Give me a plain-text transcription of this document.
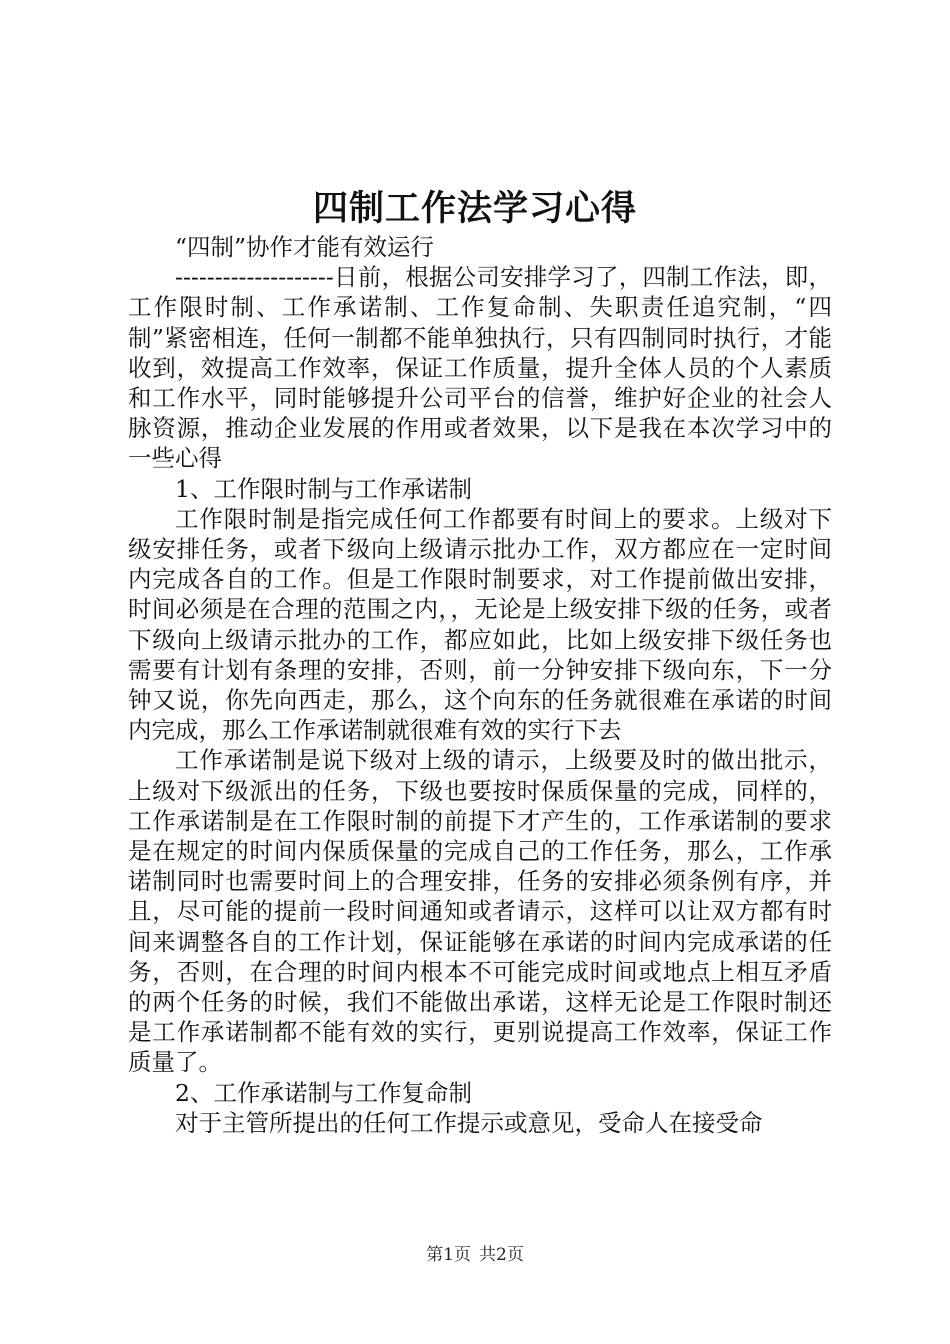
四制工作法学习心得

“四制”协作才能有效运行

--------------------日前，根据公司安排学习了，四制工作法，即，工作限时制、工作承诺制、工作复命制、失职责任追究制，“四制”紧密相连，任何一制都不能单独执行，只有四制同时执行，才能收到，效提高工作效率，保证工作质量，提升全体人员的个人素质和工作水平，同时能够提升公司平台的信誉，维护好企业的社会人脉资源，推动企业发展的作用或者效果，以下是我在本次学习中的一些心得

1、工作限时制与工作承诺制

工作限时制是指完成任何工作都要有时间上的要求。上级对下级安排任务，或者下级向上级请示批办工作，双方都应在一定时间内完成各自的工作。但是工作限时制要求，对工作提前做出安排，时间必须是在合理的范围之内，，无论是上级安排下级的任务，或者下级向上级请示批办的工作，都应如此，比如上级安排下级任务也需要有计划有条理的安排，否则，前一分钟安排下级向东，下一分钟又说，你先向西走，那么，这个向东的任务就很难在承诺的时间内完成，那么工作承诺制就很难有效的实行下去

工作承诺制是说下级对上级的请示，上级要及时的做出批示，上级对下级派出的任务，下级也要按时保质保量的完成，同样的，工作承诺制是在工作限时制的前提下才产生的，工作承诺制的要求是在规定的时间内保质保量的完成自己的工作任务，那么，工作承诺制同时也需要时间上的合理安排，任务的安排必须条例有序，并且，尽可能的提前一段时间通知或者请示，这样可以让双方都有时间来调整各自的工作计划，保证能够在承诺的时间内完成承诺的任务，否则，在合理的时间内根本不可能完成时间或地点上相互矛盾的两个任务的时候，我们不能做出承诺，这样无论是工作限时制还是工作承诺制都不能有效的实行，更别说提高工作效率，保证工作质量了。

2、工作承诺制与工作复命制

对于主管所提出的任何工作提示或意见，受命人在接受命

第1页 共2页
